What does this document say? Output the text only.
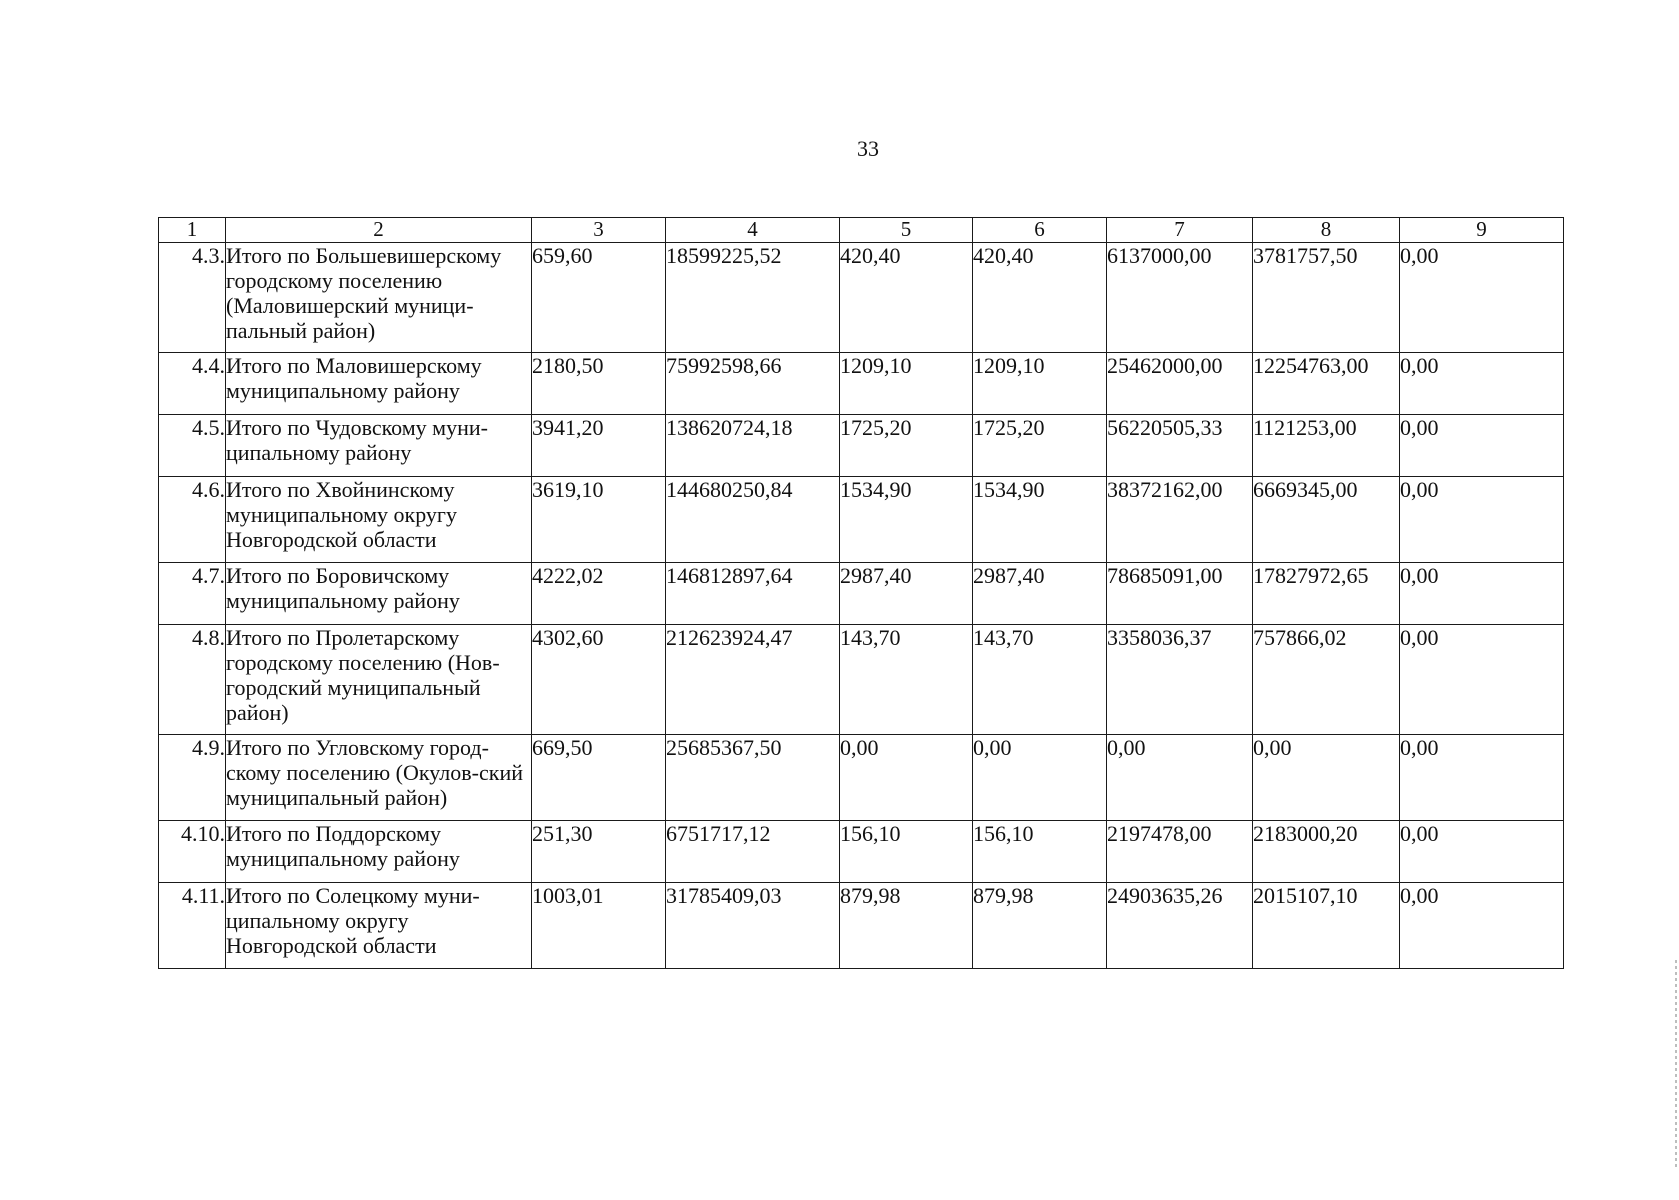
33
1	2	3	4	5	6	7	8	9
4.3.	Итого по Большевишерскому городскому поселению (Маловишерский муници-пальный район)	659,60	18599225,52	420,40	420,40	6137000,00	3781757,50	0,00
4.4.	Итого по Маловишерскому муниципальному району	2180,50	75992598,66	1209,10	1209,10	25462000,00	12254763,00	0,00
4.5.	Итого по Чудовскому муни-ципальному району	3941,20	138620724,18	1725,20	1725,20	56220505,33	1121253,00	0,00
4.6.	Итого по Хвойнинскому муниципальному округу Новгородской области	3619,10	144680250,84	1534,90	1534,90	38372162,00	6669345,00	0,00
4.7.	Итого по Боровичскому муниципальному району	4222,02	146812897,64	2987,40	2987,40	78685091,00	17827972,65	0,00
4.8.	Итого по Пролетарскому городскому поселению (Нов-городский муниципальный район)	4302,60	212623924,47	143,70	143,70	3358036,37	757866,02	0,00
4.9.	Итого по Угловскому город-скому поселению (Окулов-ский муниципальный район)	669,50	25685367,50	0,00	0,00	0,00	0,00	0,00
4.10.	Итого по Поддорскому муниципальному району	251,30	6751717,12	156,10	156,10	2197478,00	2183000,20	0,00
4.11.	Итого по Солецкому муни-ципальному округу Новгородской области	1003,01	31785409,03	879,98	879,98	24903635,26	2015107,10	0,00
